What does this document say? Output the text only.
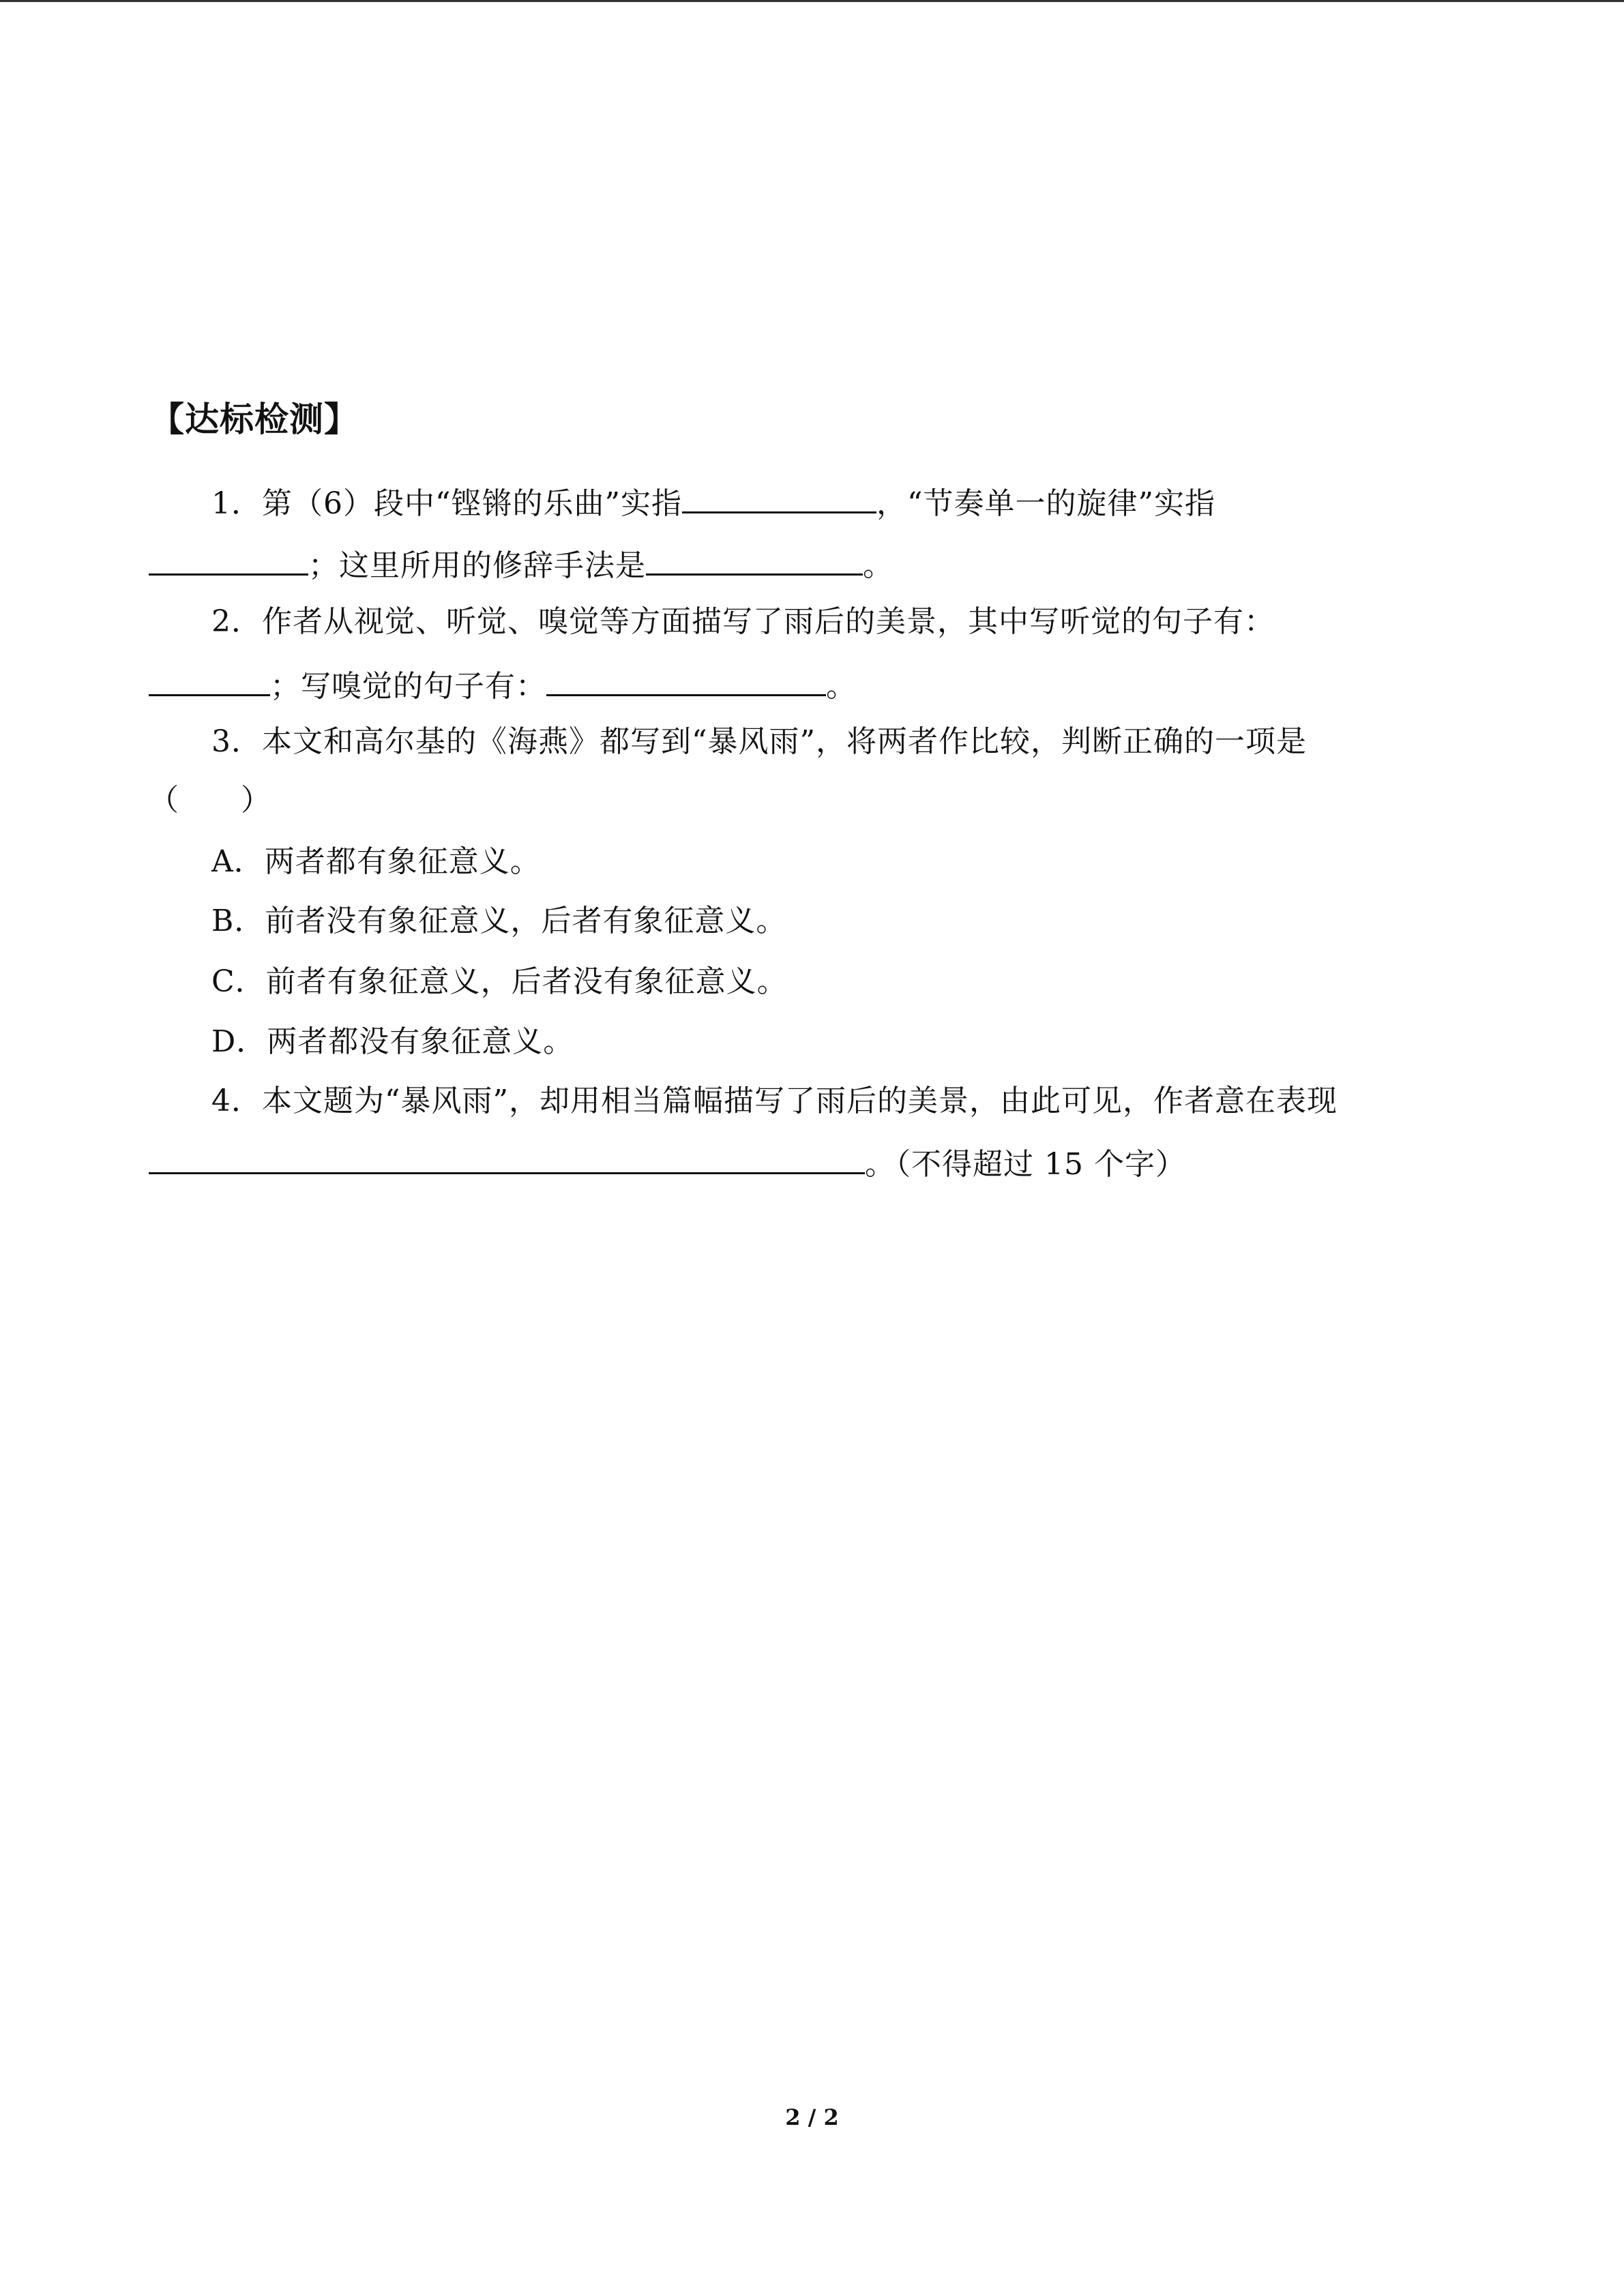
【达标检测】
1．第（6）段中“铿锵的乐曲”实指	，“节奏单一的旋律”实指
；这里所用的修辞手法是	。
2．作者从视觉、听觉、嗅觉等方面描写了雨后的美景，其中写听觉的句子有：
；写嗅觉的句子有：	。
3．本文和高尔基的《海燕》都写到“暴风雨”，将两者作比较，判断正确的一项是
（　　）
A．两者都有象征意义。
B．前者没有象征意义，后者有象征意义。
C．前者有象征意义，后者没有象征意义。
D．两者都没有象征意义。
4．本文题为“暴风雨”，却用相当篇幅描写了雨后的美景，由此可见，作者意在表现
。（不得超过 15 个字）
2 / 2
